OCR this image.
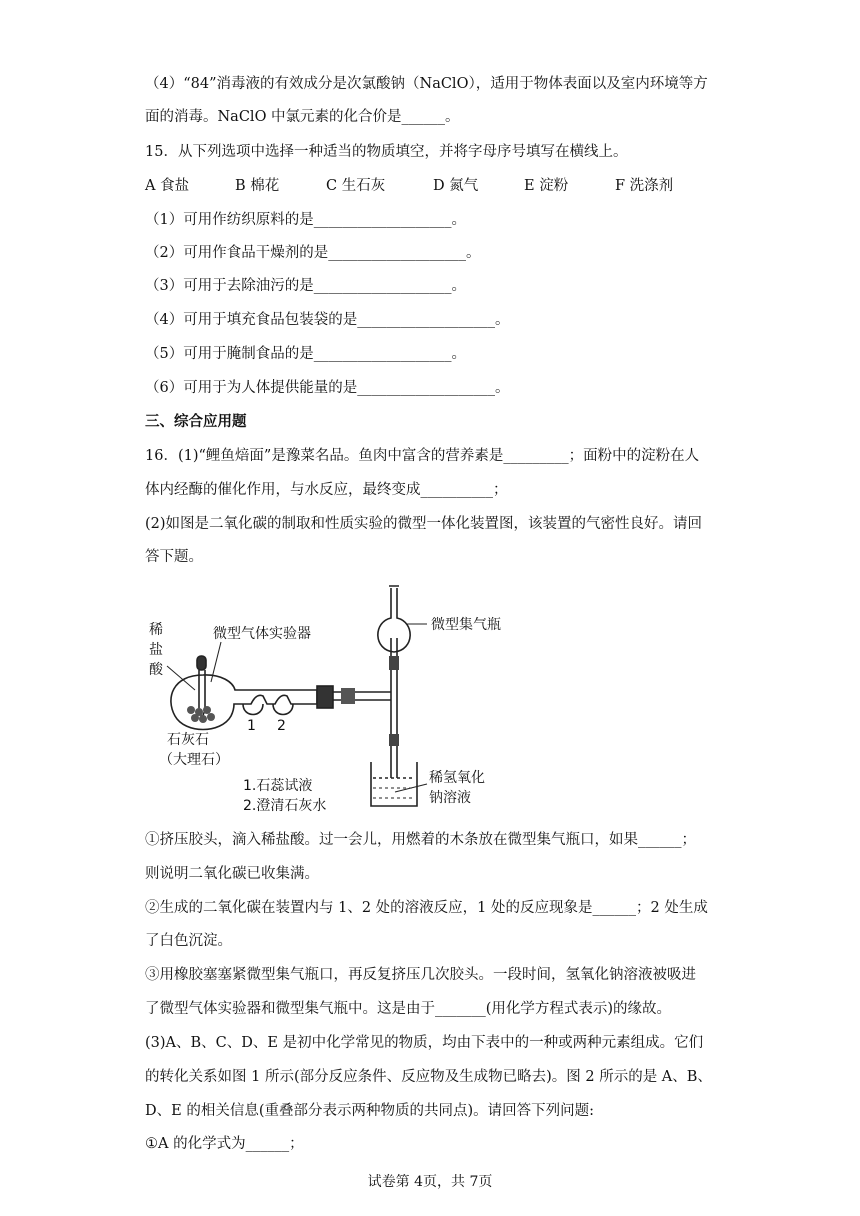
（4）“84”消毒液的有效成分是次氯酸钠（NaClO），适用于物体表面以及室内环境等方
面的消毒。NaClO 中氯元素的化合价是______。
15．从下列选项中选择一种适当的物质填空，并将字母序号填写在横线上。
A 食盐	B 棉花	C 生石灰	D 氮气	E 淀粉	F 洗涤剂
（1）可用作纺织原料的是___________________。
（2）可用作食品干燥剂的是___________________。
（3）可用于去除油污的是___________________。
（4）可用于填充食品包装袋的是___________________。
（5）可用于腌制食品的是___________________。
（6）可用于为人体提供能量的是___________________。
三、综合应用题
16．(1)“鲤鱼焙面”是豫菜名品。鱼肉中富含的营养素是_________；面粉中的淀粉在人
体内经酶的催化作用，与水反应，最终变成__________；
(2)如图是二氧化碳的制取和性质实验的微型一体化装置图，该装置的气密性良好。请回
答下题。
稀
盐
酸
微型气体实验器
微型集气瓶
石灰石
（大理石）
1 2
稀氢氧化
钠溶液
1.石蕊试液
2.澄清石灰水
①挤压胶头，滴入稀盐酸。过一会儿，用燃着的木条放在微型集气瓶口，如果______；
则说明二氧化碳已收集满。
②生成的二氧化碳在装置内与 1、2 处的溶液反应，1 处的反应现象是______；2 处生成
了白色沉淀。
③用橡胶塞塞紧微型集气瓶口，再反复挤压几次胶头。一段时间，氢氧化钠溶液被吸进
了微型气体实验器和微型集气瓶中。这是由于_______(用化学方程式表示)的缘故。
(3)A、B、C、D、E 是初中化学常见的物质，均由下表中的一种或两种元素组成。它们
的转化关系如图 1 所示(部分反应条件、反应物及生成物已略去)。图 2 所示的是 A、B、
D、E 的相关信息(重叠部分表示两种物质的共同点)。请回答下列问题:
①A 的化学式为______；
试卷第 4页，共 7页
